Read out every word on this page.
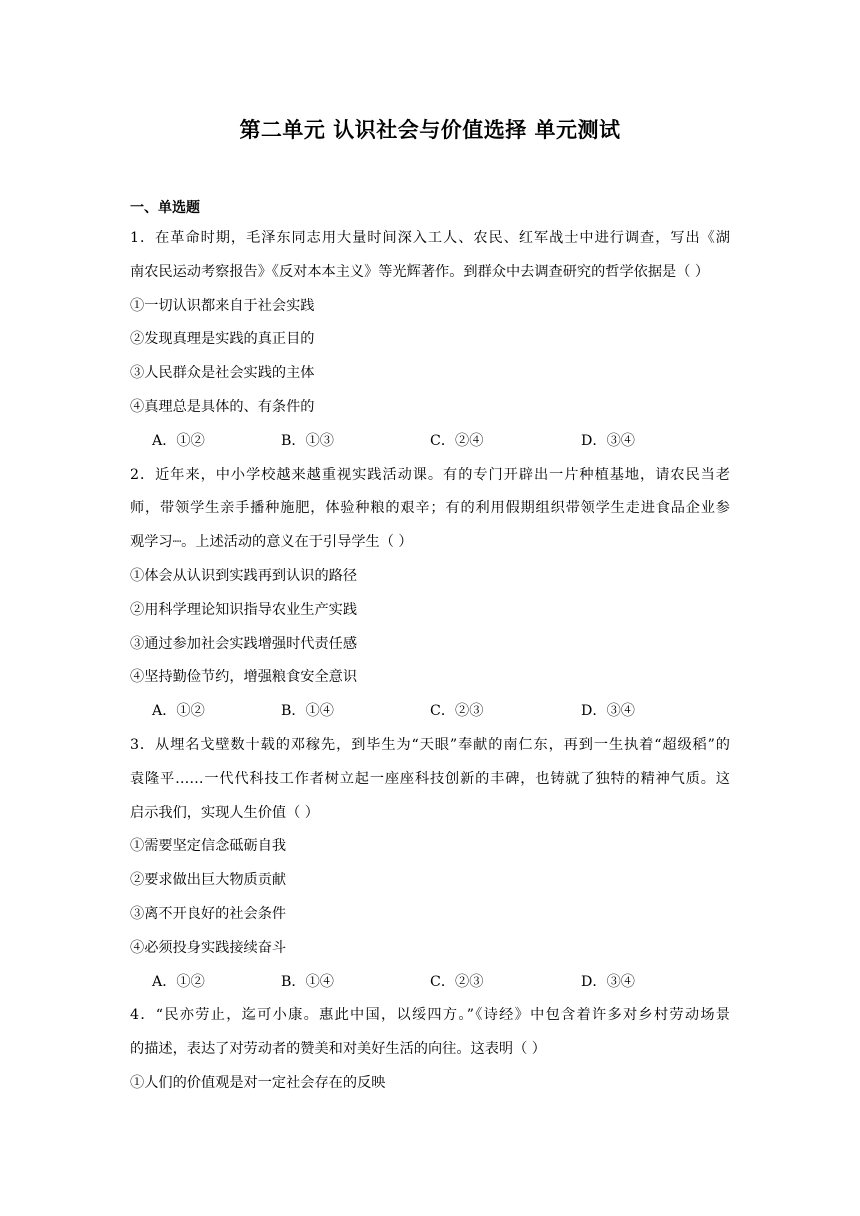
第二单元 认识社会与价值选择 单元测试
一、单选题
1．在革命时期，毛泽东同志用大量时间深入工人、农民、红军战士中进行调查，写出《湖
南农民运动考察报告》《反对本本主义》等光辉著作。到群众中去调查研究的哲学依据是（ ）
①一切认识都来自于社会实践
②发现真理是实践的真正目的
③人民群众是社会实践的主体
④真理总是具体的、有条件的
A．①②	B．①③	C．②④	D．③④
2．近年来，中小学校越来越重视实践活动课。有的专门开辟出一片种植基地，请农民当老
师，带领学生亲手播种施肥，体验种粮的艰辛；有的利用假期组织带领学生走进食品企业参
观学习┈。上述活动的意义在于引导学生（ ）
①体会从认识到实践再到认识的路径
②用科学理论知识指导农业生产实践
③通过参加社会实践增强时代责任感
④坚持勤俭节约，增强粮食安全意识
A．①②	B．①④	C．②③	D．③④
3．从埋名戈壁数十载的邓稼先，到毕生为“天眼”奉献的南仁东，再到一生执着“超级稻”的
袁隆平……一代代科技工作者树立起一座座科技创新的丰碑，也铸就了独特的精神气质。这
启示我们，实现人生价值（ ）
①需要坚定信念砥砺自我
②要求做出巨大物质贡献
③离不开良好的社会条件
④必须投身实践接续奋斗
A．①②	B．①④	C．②③	D．③④
4．“民亦劳止，迄可小康。惠此中国，以绥四方。”《诗经》中包含着许多对乡村劳动场景
的描述，表达了对劳动者的赞美和对美好生活的向往。这表明（ ）
①人们的价值观是对一定社会存在的反映
